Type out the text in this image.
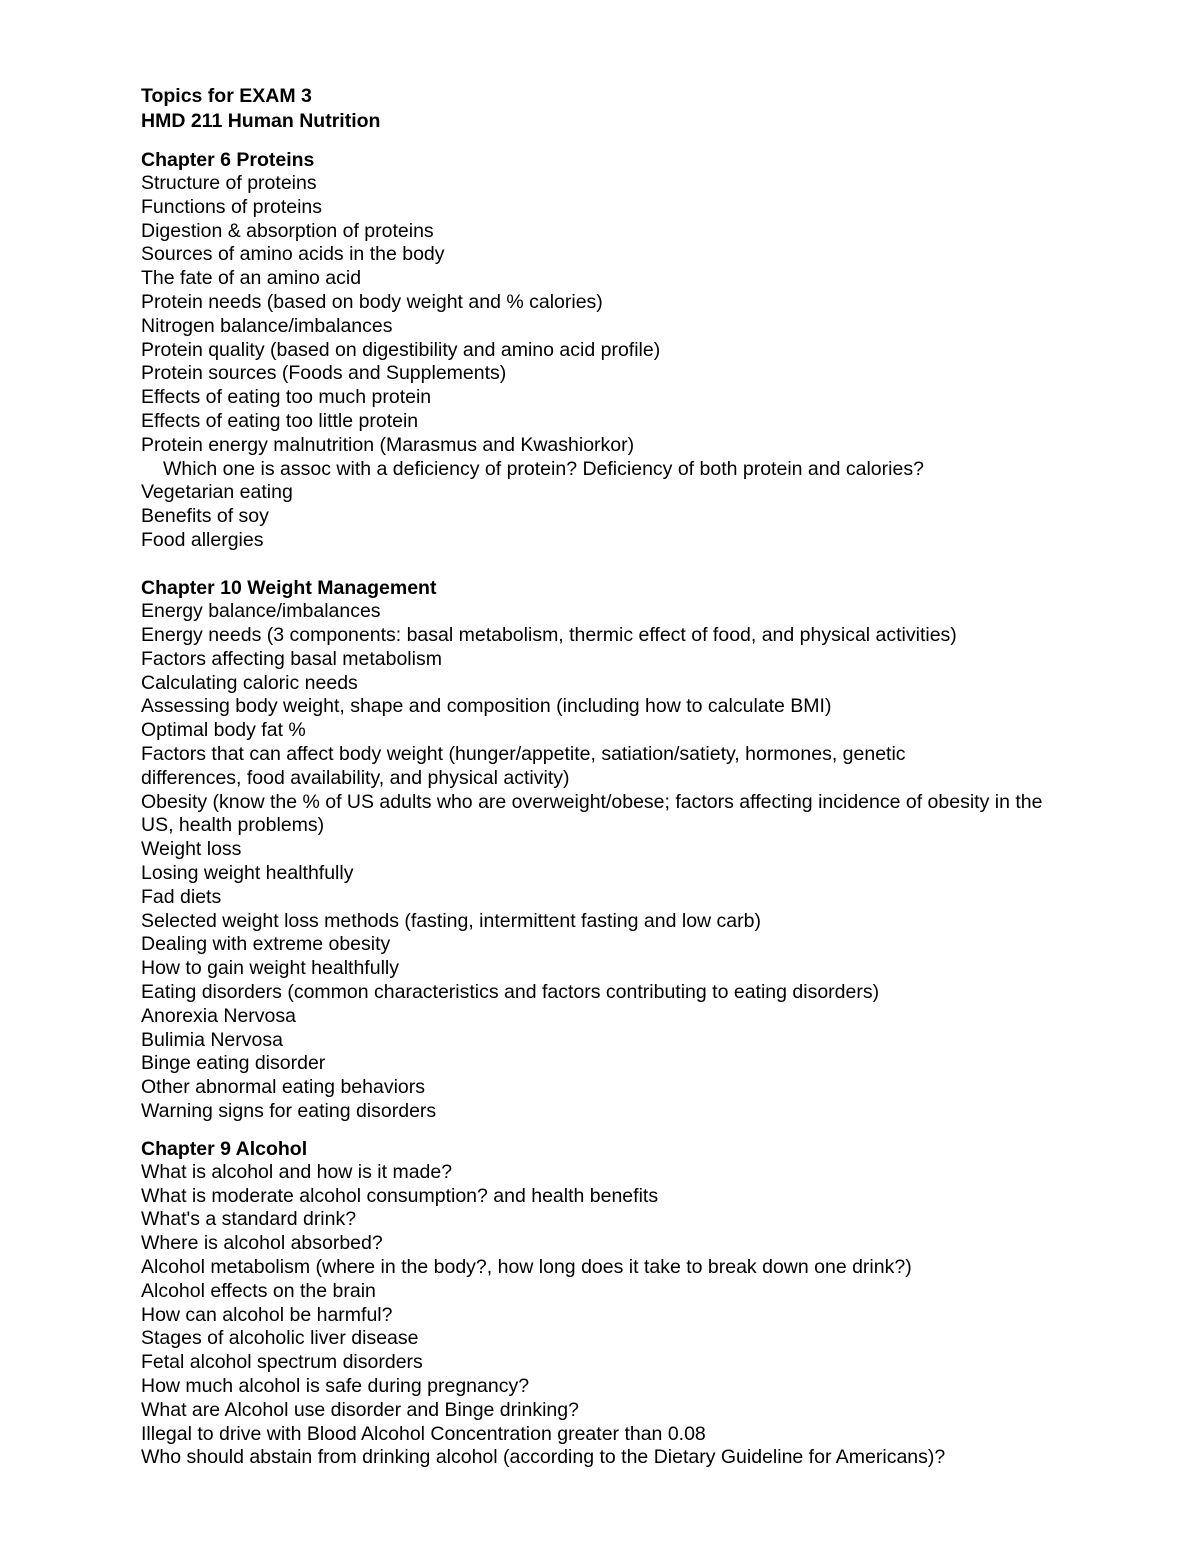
Topics for EXAM 3
HMD 211 Human Nutrition
Chapter 6 Proteins
Structure of proteins
Functions of proteins
Digestion & absorption of proteins
Sources of amino acids in the body
The fate of an amino acid
Protein needs (based on body weight and % calories)
Nitrogen balance/imbalances
Protein quality (based on digestibility and amino acid profile)
Protein sources (Foods and Supplements)
Effects of eating too much protein
Effects of eating too little protein
Protein energy malnutrition (Marasmus and Kwashiorkor)
Which one is assoc with a deficiency of protein? Deficiency of both protein and calories?
Vegetarian eating
Benefits of soy
Food allergies
Chapter 10 Weight Management
Energy balance/imbalances
Energy needs (3 components: basal metabolism, thermic effect of food, and physical activities)
Factors affecting basal metabolism
Calculating caloric needs
Assessing body weight, shape and composition (including how to calculate BMI)
Optimal body fat %
Factors that can affect body weight (hunger/appetite, satiation/satiety, hormones, genetic differences, food availability, and physical activity)
Obesity (know the % of US adults who are overweight/obese; factors affecting incidence of obesity in the US, health problems)
Weight loss
Losing weight healthfully
Fad diets
Selected weight loss methods (fasting, intermittent fasting and low carb)
Dealing with extreme obesity
How to gain weight healthfully
Eating disorders (common characteristics and factors contributing to eating disorders)
Anorexia Nervosa
Bulimia Nervosa
Binge eating disorder
Other abnormal eating behaviors
Warning signs for eating disorders
Chapter 9 Alcohol
What is alcohol and how is it made?
What is moderate alcohol consumption? and health benefits
What's a standard drink?
Where is alcohol absorbed?
Alcohol metabolism (where in the body?, how long does it take to break down one drink?)
Alcohol effects on the brain
How can alcohol be harmful?
Stages of alcoholic liver disease
Fetal alcohol spectrum disorders
How much alcohol is safe during pregnancy?
What are Alcohol use disorder and Binge drinking?
Illegal to drive with Blood Alcohol Concentration greater than 0.08
Who should abstain from drinking alcohol (according to the Dietary Guideline for Americans)?
